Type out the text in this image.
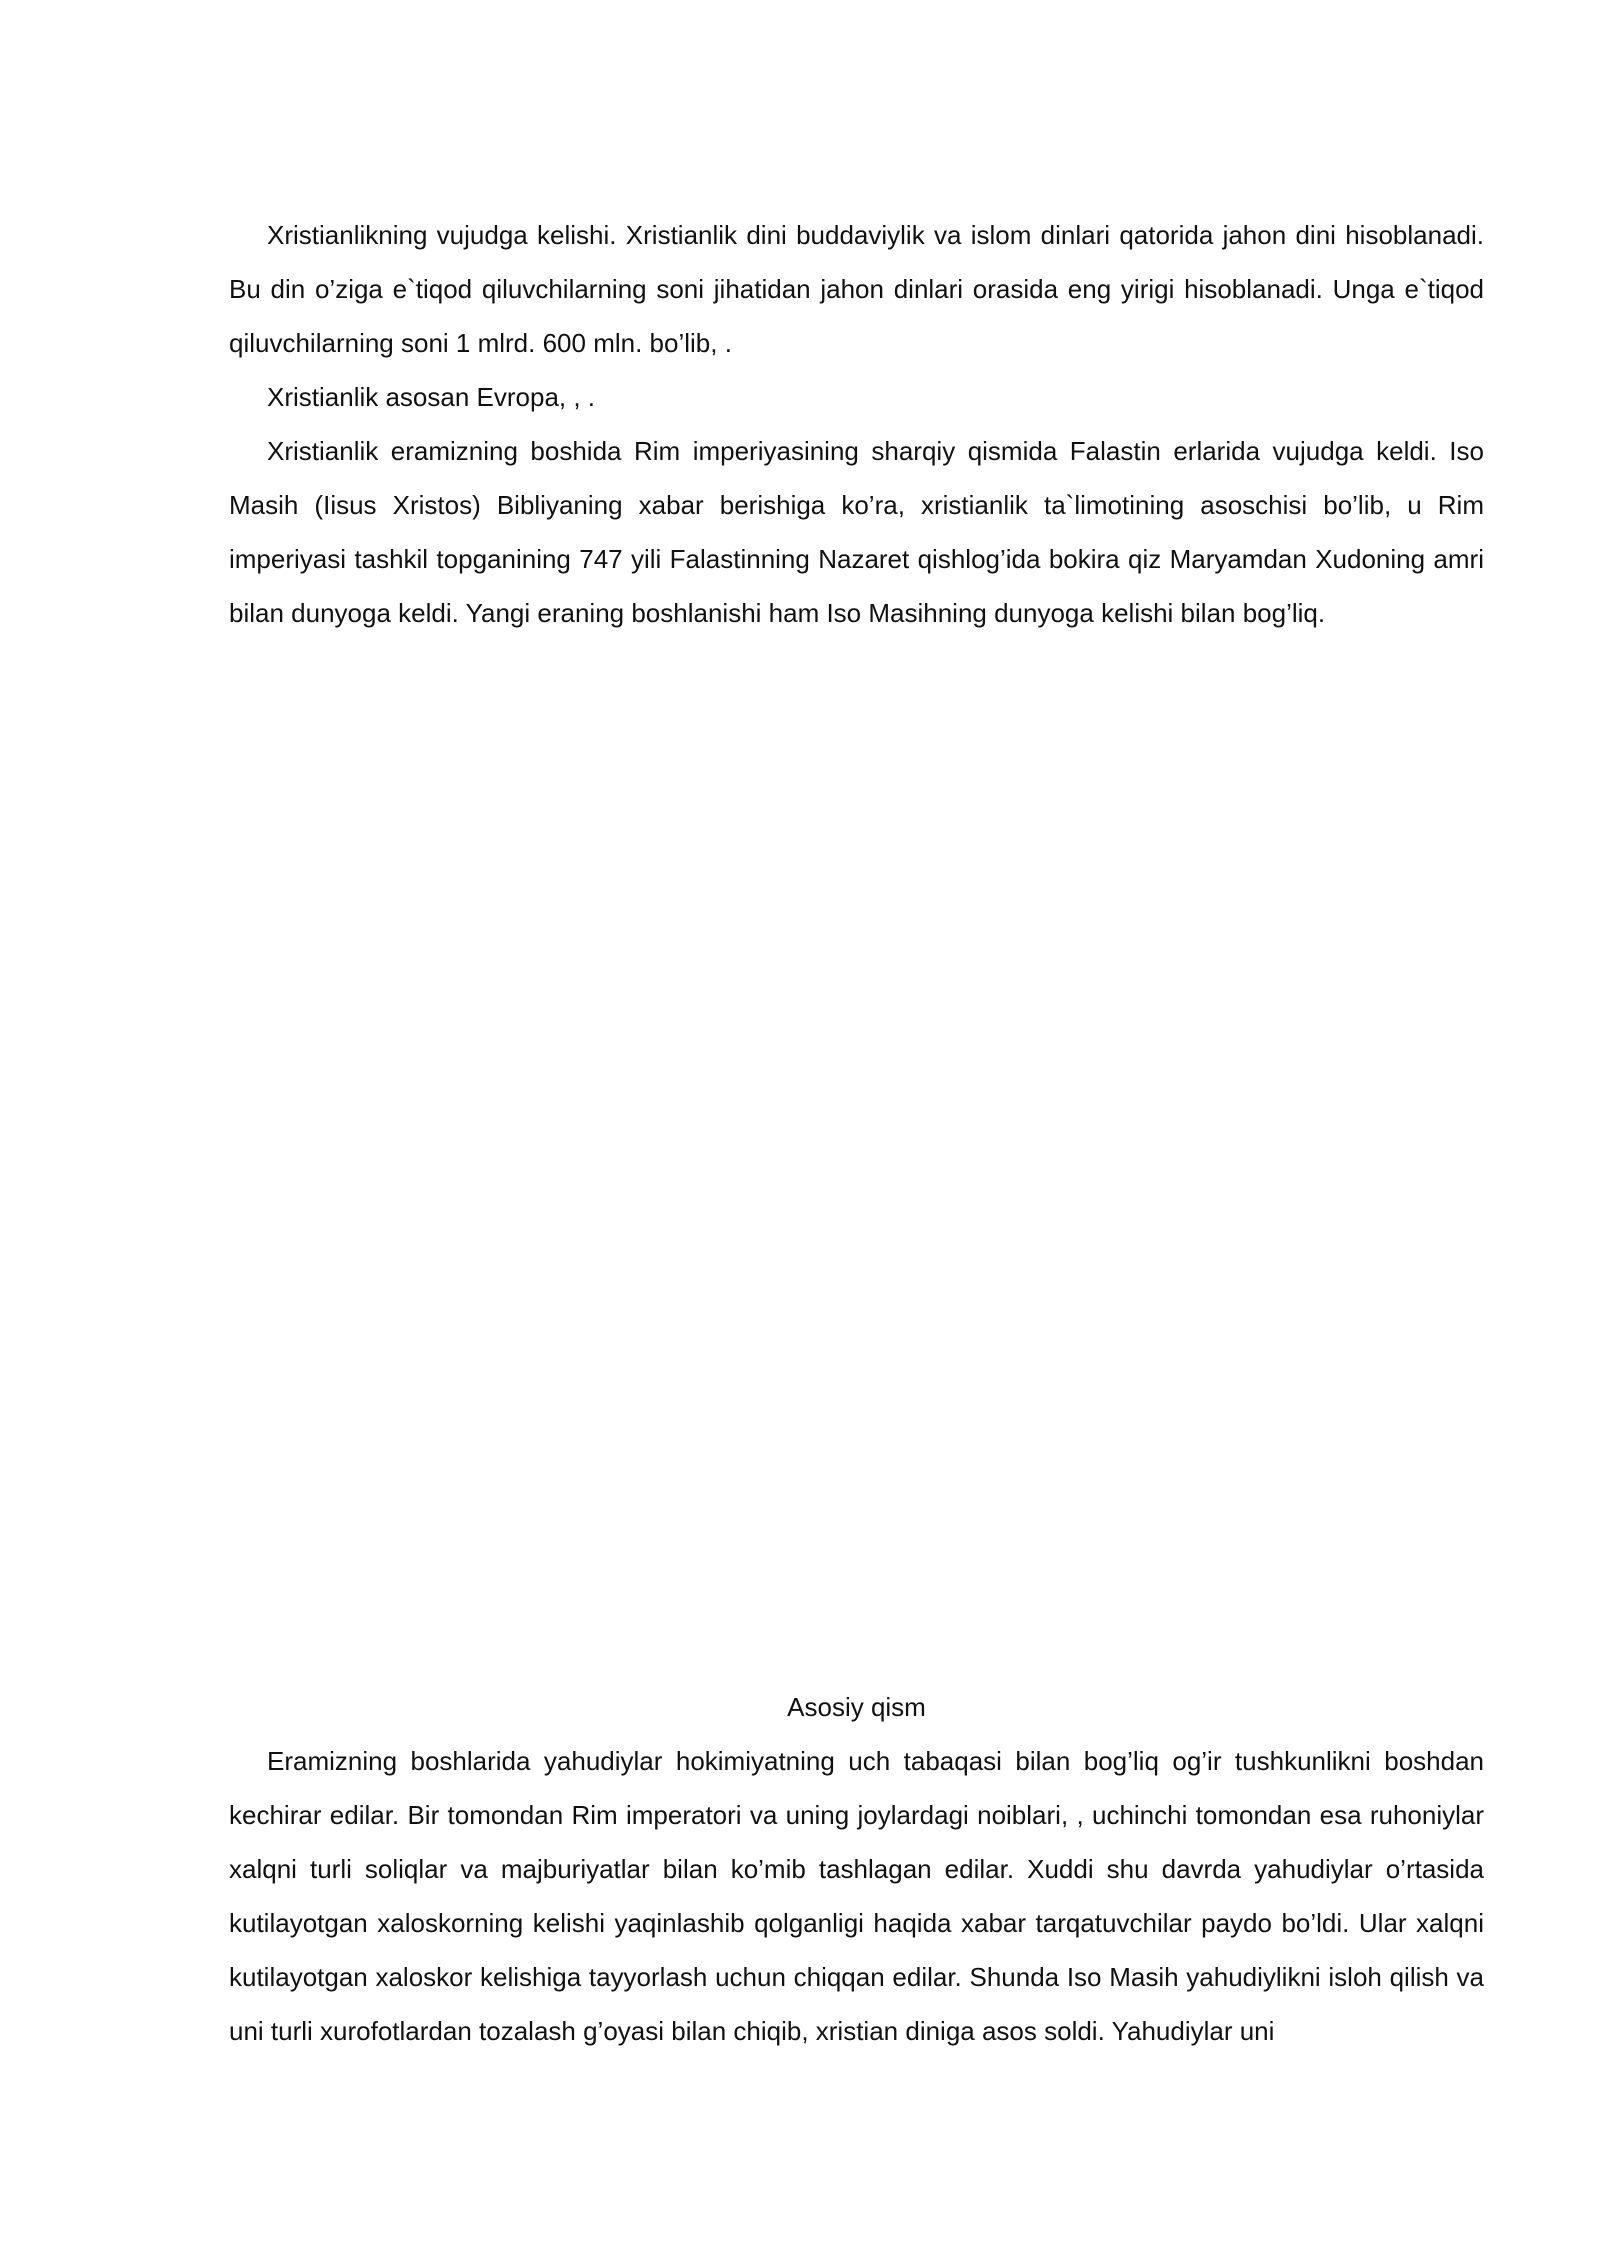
Xristianlikning vujudga kelishi. Xristianlik dini buddaviylik va islom dinlari qatorida jahon dini hisoblanadi. Bu din o’ziga e`tiqod qiluvchilarning soni jihatidan jahon dinlari orasida eng yirigi hisoblanadi. Unga e`tiqod qiluvchilarning soni 1 mlrd. 600 mln. bo’lib, .

Xristianlik asosan Evropa, , .

Xristianlik eramizning boshida Rim imperiyasining sharqiy qismida Falastin erlarida vujudga keldi. Iso Masih (Iisus Xristos) Bibliyaning xabar berishiga ko’ra, xristianlik ta`limotining asoschisi bo’lib, u Rim imperiyasi tashkil topganining 747 yili Falastinning Nazaret qishlog’ida bokira qiz Maryamdan Xudoning amri bilan dunyoga keldi. Yangi eraning boshlanishi ham Iso Masihning dunyoga kelishi bilan bog’liq.

Asosiy qism

Eramizning boshlarida yahudiylar hokimiyatning uch tabaqasi bilan bog’liq og’ir tushkunlikni boshdan kechirar edilar. Bir tomondan Rim imperatori va uning joylardagi noiblari, , uchinchi tomondan esa ruhoniylar xalqni turli soliqlar va majburiyatlar bilan ko’mib tashlagan edilar. Xuddi shu davrda yahudiylar o’rtasida kutilayotgan xaloskorning kelishi yaqinlashib qolganligi haqida xabar tarqatuvchilar paydo bo’ldi. Ular xalqni kutilayotgan xaloskor kelishiga tayyorlash uchun chiqqan edilar. Shunda Iso Masih yahudiylikni isloh qilish va uni turli xurofotlardan tozalash g’oyasi bilan chiqib, xristian diniga asos soldi. Yahudiylar uni
